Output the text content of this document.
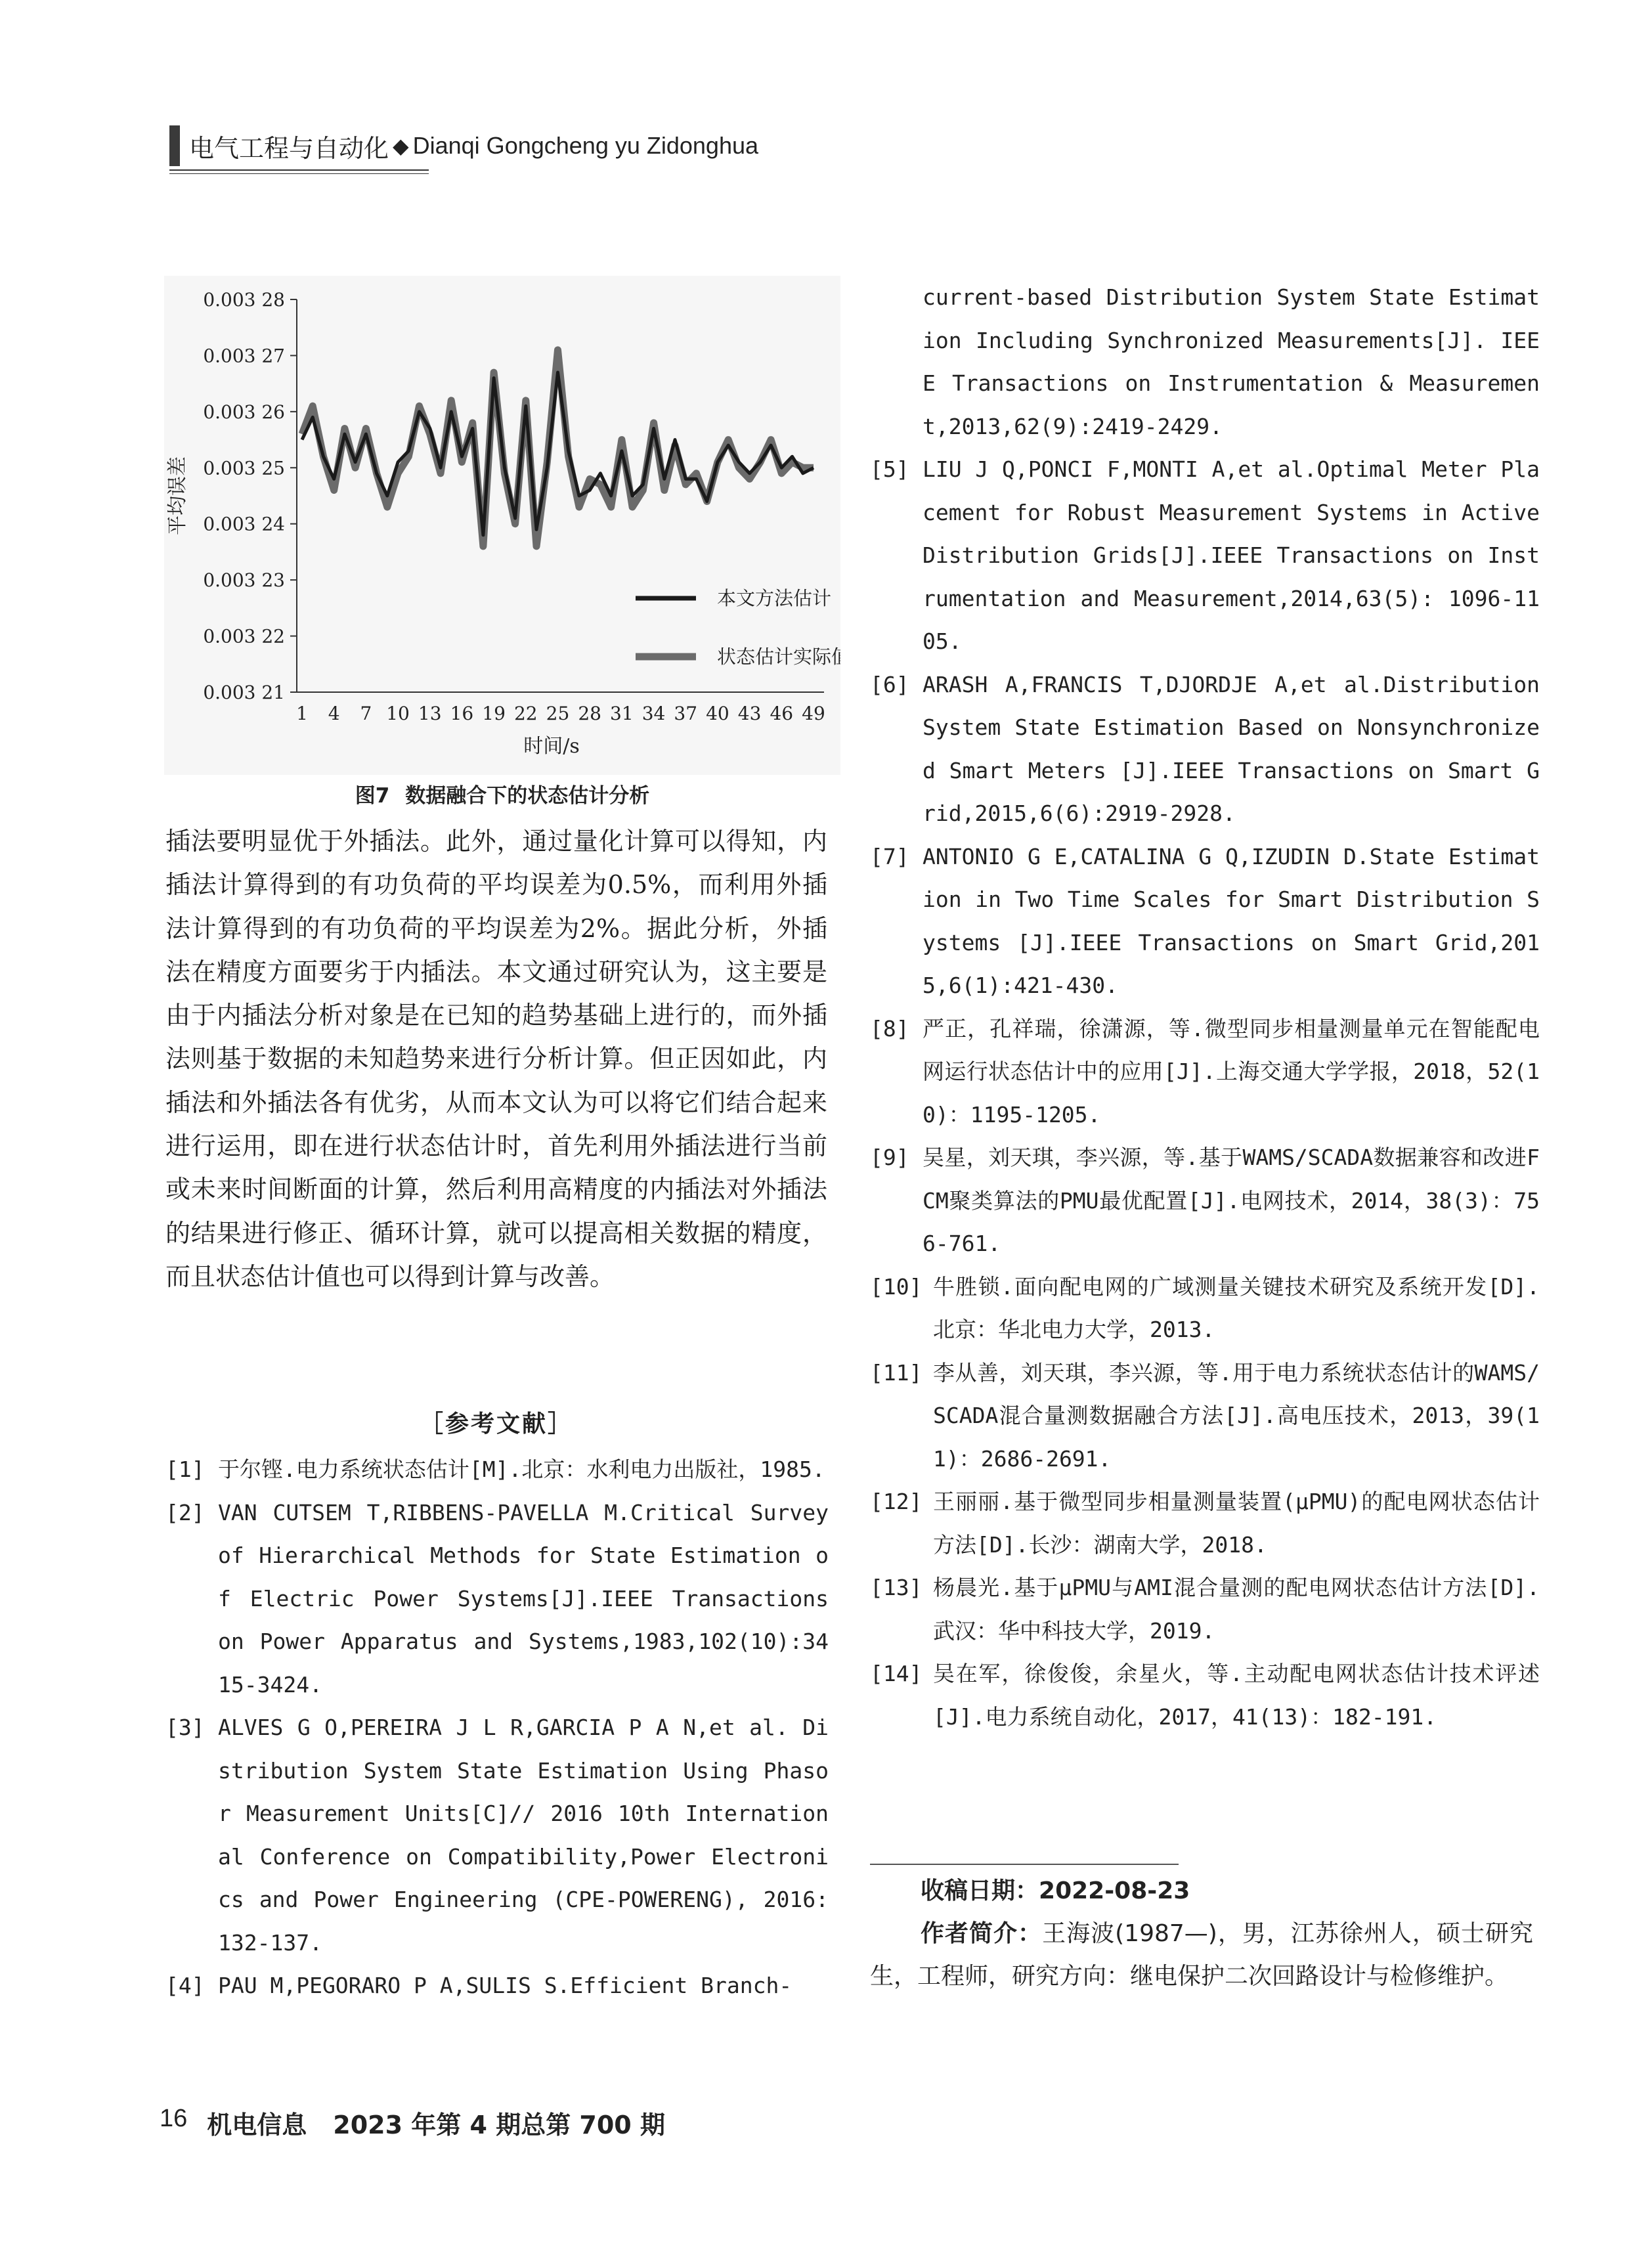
电气工程与自动化 ◆ Dianqi Gongcheng yu Zidonghua
0.003 28
0.003 27
0.003 26
0.003 25
0.003 24
0.003 23
0.003 22
0.003 21
1 4 7 10 13 16 19 22 25 28 31 34 37 40 43 46 49
时间/s
平均误差
本文方法估计
状态估计实际值
图7 数据融合下的状态估计分析
插法要明显优于外插法。此外，通过量化计算可以得知，内插法计算得到的有功负荷的平均误差为0.5%，而利用外插法计算得到的有功负荷的平均误差为2%。据此分析，外插法在精度方面要劣于内插法。本文通过研究认为，这主要是由于内插法分析对象是在已知的趋势基础上进行的，而外插法则基于数据的未知趋势来进行分析计算。但正因如此，内插法和外插法各有优劣，从而本文认为可以将它们结合起来进行运用，即在进行状态估计时，首先利用外插法进行当前或未来时间断面的计算，然后利用高精度的内插法对外插法的结果进行修正、循环计算，就可以提高相关数据的精度，而且状态估计值也可以得到计算与改善。
［参考文献］
[1] 于尔铿.电力系统状态估计[M].北京：水利电力出版社，1985.
[2] VAN CUTSEM T,RIBBENS-PAVELLA M.Critical Survey of Hierarchical Methods for State Estimation of Electric Power Systems[J].IEEE Transactions on Power Apparatus and Systems,1983,102(10):3415-3424.
[3] ALVES G O,PEREIRA J L R,GARCIA P A N,et al. Distribution System State Estimation Using Phasor Measurement Units[C]// 2016 10th International Conference on Compatibility,Power Electronics and Power Engineering (CPE-POWERENG), 2016:132-137.
[4] PAU M,PEGORARO P A,SULIS S.Efficient Branch-
current-based Distribution System State Estimation Including Synchronized Measurements[J]. IEEE Transactions on Instrumentation & Measurement,2013,62(9):2419-2429.
[5] LIU J Q,PONCI F,MONTI A,et al.Optimal Meter Placement for Robust Measurement Systems in Active Distribution Grids[J].IEEE Transactions on Instrumentation and Measurement,2014,63(5): 1096-1105.
[6] ARASH A,FRANCIS T,DJORDJE A,et al.Distribution System State Estimation Based on Nonsynchronized Smart Meters [J].IEEE Transactions on Smart Grid,2015,6(6):2919-2928.
[7] ANTONIO G E,CATALINA G Q,IZUDIN D.State Estimation in Two Time Scales for Smart Distribution Systems [J].IEEE Transactions on Smart Grid,2015,6(1):421-430.
[8] 严正，孔祥瑞，徐潇源，等.微型同步相量测量单元在智能配电网运行状态估计中的应用[J].上海交通大学学报，2018，52(10)：1195-1205.
[9] 吴星，刘天琪，李兴源，等.基于WAMS/SCADA数据兼容和改进FCM聚类算法的PMU最优配置[J].电网技术，2014，38(3)：756-761.
[10] 牛胜锁.面向配电网的广域测量关键技术研究及系统开发[D].北京：华北电力大学，2013.
[11] 李从善，刘天琪，李兴源，等.用于电力系统状态估计的WAMS/SCADA混合量测数据融合方法[J].高电压技术，2013，39(11)：2686-2691.
[12] 王丽丽.基于微型同步相量测量装置(μPMU)的配电网状态估计方法[D].长沙：湖南大学，2018.
[13] 杨晨光.基于μPMU与AMI混合量测的配电网状态估计方法[D].武汉：华中科技大学，2019.
[14] 吴在军，徐俊俊，余星火，等.主动配电网状态估计技术评述[J].电力系统自动化，2017，41(13)：182-191.
收稿日期：2022-08-23
作者简介：王海波(1987—)，男，江苏徐州人，硕士研究生，工程师，研究方向：继电保护二次回路设计与检修维护。
16 机电信息 2023 年第 4 期总第 700 期
